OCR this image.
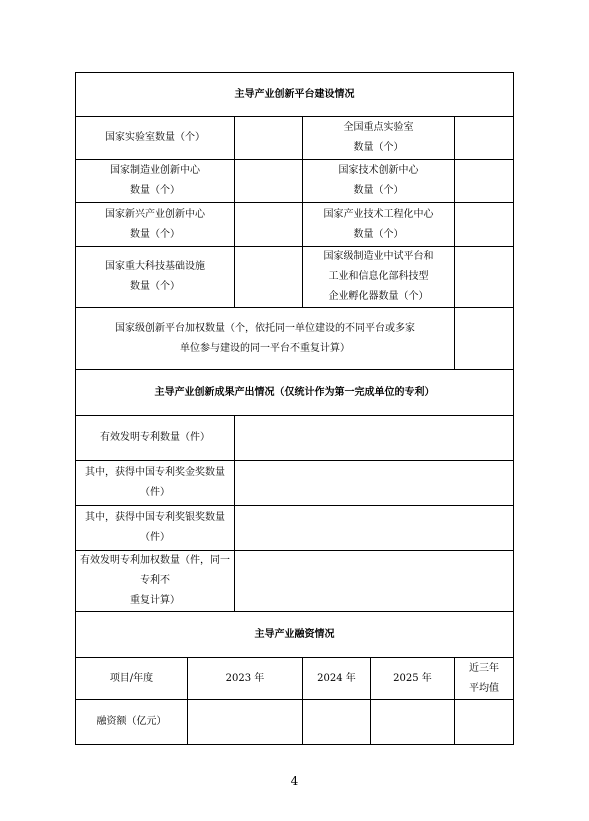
主导产业创新平台建设情况					

国家实验室数量（个）			全国重点实验室
数量（个）		

国家制造业创新中心
数量（个）			国家技术创新中心
数量（个）		

国家新兴产业创新中心
数量（个）			国家产业技术工程化中心
数量（个）		

国家重大科技基础设施
数量（个）			国家级制造业中试平台和
工业和信息化部科技型
企业孵化器数量（个）		

国家级创新平台加权数量（个，依托同一单位建设的不同平台或多家
单位参与建设的同一平台不重复计算）					

主导产业创新成果产出情况（仅统计作为第一完成单位的专利）					

有效发明专利数量（件）					

其中，获得中国专利奖金奖数量（件）					

其中，获得中国专利奖银奖数量（件）					

有效发明专利加权数量（件，同一专利不
重复计算）					

主导产业融资情况					
项目/年度	2023 年		2024 年	2025 年	近三年
平均值

融资额（亿元）					
4
